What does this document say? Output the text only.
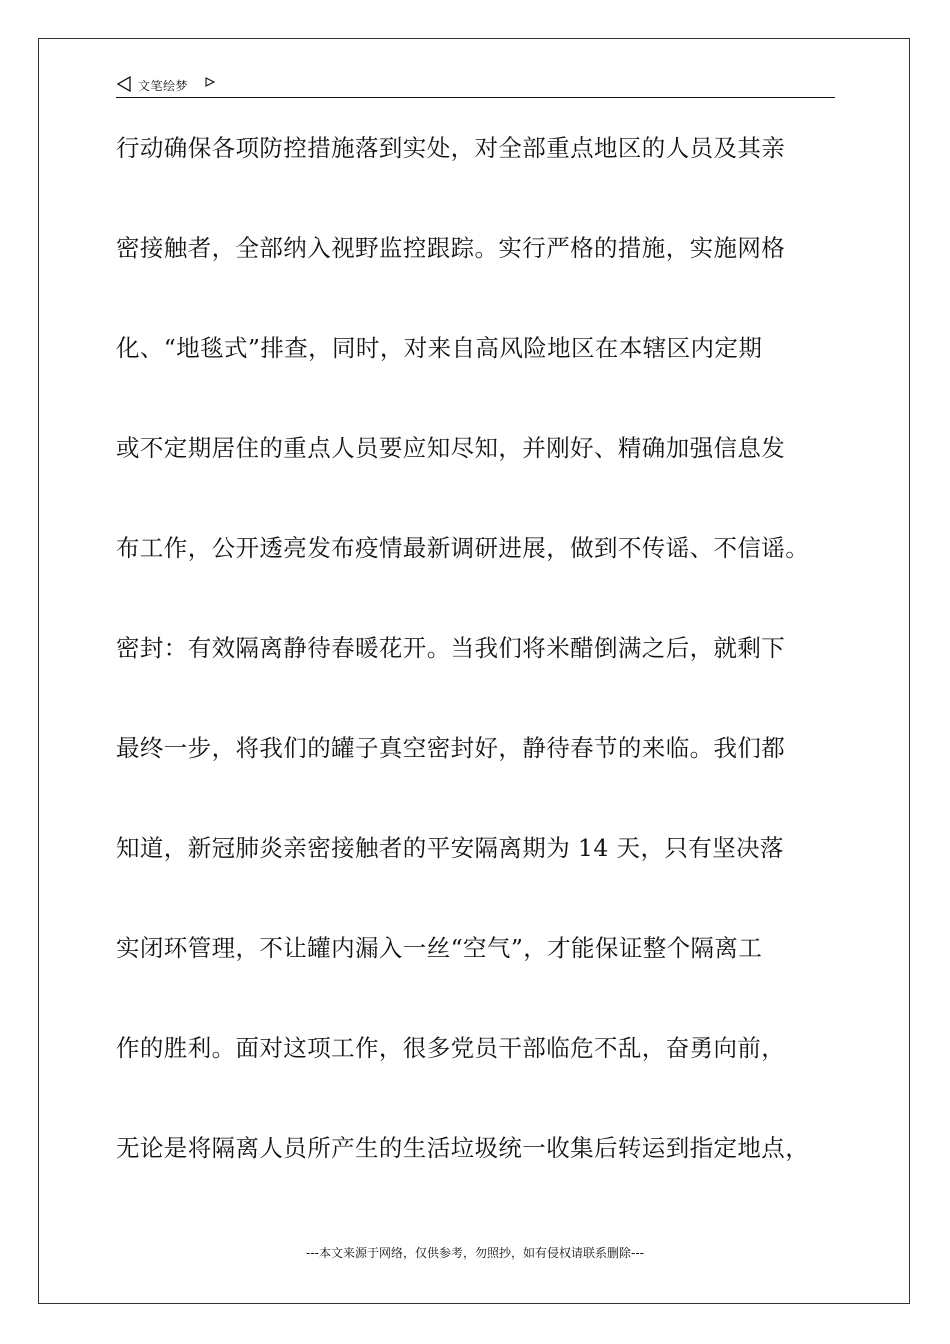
文笔绘梦
行动确保各项防控措施落到实处，对全部重点地区的人员及其亲
密接触者，全部纳入视野监控跟踪。实行严格的措施，实施网格
化、“地毯式”排查，同时，对来自高风险地区在本辖区内定期
或不定期居住的重点人员要应知尽知，并刚好、精确加强信息发
布工作，公开透亮发布疫情最新调研进展，做到不传谣、不信谣。
密封：有效隔离静待春暖花开。当我们将米醋倒满之后，就剩下
最终一步，将我们的罐子真空密封好，静待春节的来临。我们都
知道，新冠肺炎亲密接触者的平安隔离期为 14 天，只有坚决落
实闭环管理，不让罐内漏入一丝“空气”，才能保证整个隔离工
作的胜利。面对这项工作，很多党员干部临危不乱，奋勇向前，
无论是将隔离人员所产生的生活垃圾统一收集后转运到指定地点，
---本文来源于网络，仅供参考，勿照抄，如有侵权请联系删除---
